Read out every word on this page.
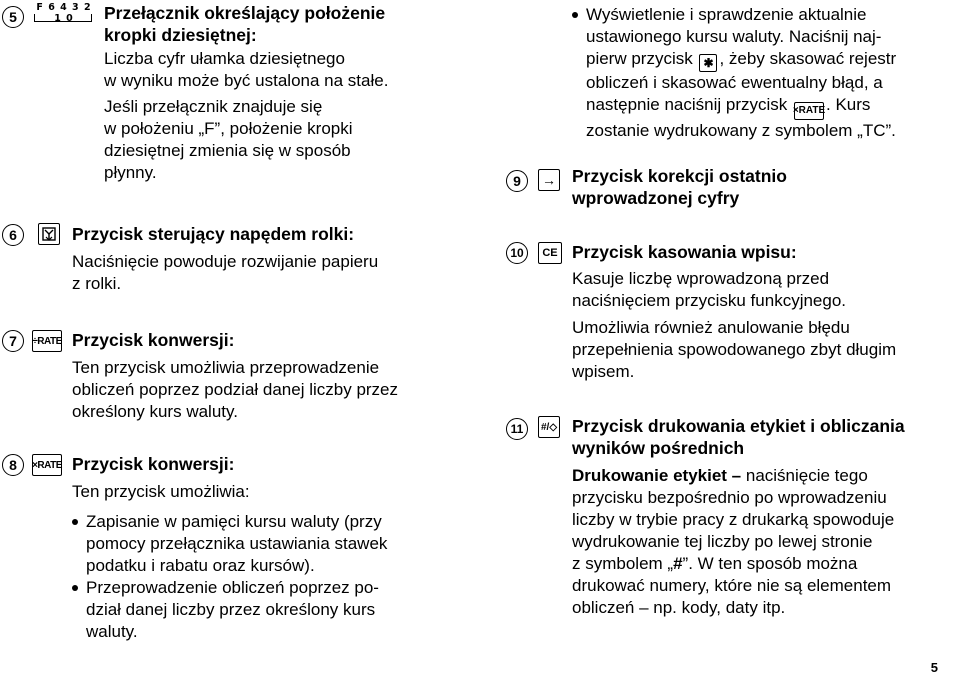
5
F 6 4 3 2 1 0	Przełącznik określający położenie

kropki dziesiętnej:

Liczba cyfr ułamka dziesiętnego

w wyniku może być ustalona na stałe.

Jeśli przełącznik znajduje się

w położeniu „F”, położenie kropki

dziesiętnej zmienia się w sposób

płynny.

6	Przycisk sterujący napędem rolki:

Naciśnięcie powoduje rozwijanie papieru

z rolki.

7	÷RATE Przycisk konwersji:

Ten przycisk umożliwia przeprowadzenie

obliczeń poprzez podział danej liczby przez

określony kurs waluty.

8	×RATE Przycisk konwersji:

Ten przycisk umożliwia:

Zapisanie w pamięci kursu waluty (przy

pomocy przełącznika ustawiania stawek

podatku i rabatu oraz kursów).

Przeprowadzenie obliczeń poprzez po-

dział danej liczby przez określony kurs

waluty.

Wyświetlenie i sprawdzenie aktualnie

ustawionego kursu waluty. Naciśnij naj-

pierw przycisk ✱ , żeby skasować rejestr

obliczeń i skasować ewentualny błąd, a

następnie naciśnij przycisk ×RATE. Kurs

zostanie wydrukowany z symbolem „TC”.

9	→ Przycisk korekcji ostatnio

wprowadzonej cyfry

10	CE Przycisk kasowania wpisu:

Kasuje liczbę wprowadzoną przed

naciśnięciem przycisku funkcyjnego.

Umożliwia również anulowanie błędu

przepełnienia spowodowanego zbyt długim

wpisem.

11	#/◇ Przycisk drukowania etykiet i obliczania

wyników pośrednich

Drukowanie etykiet – naciśnięcie tego

przycisku bezpośrednio po wprowadzeniu

liczby w trybie pracy z drukarką spowoduje

wydrukowanie tej liczby po lewej stronie

z symbolem „#”. W ten sposób można

drukować numery, które nie są elementem

obliczeń – np. kody, daty itp.

5
